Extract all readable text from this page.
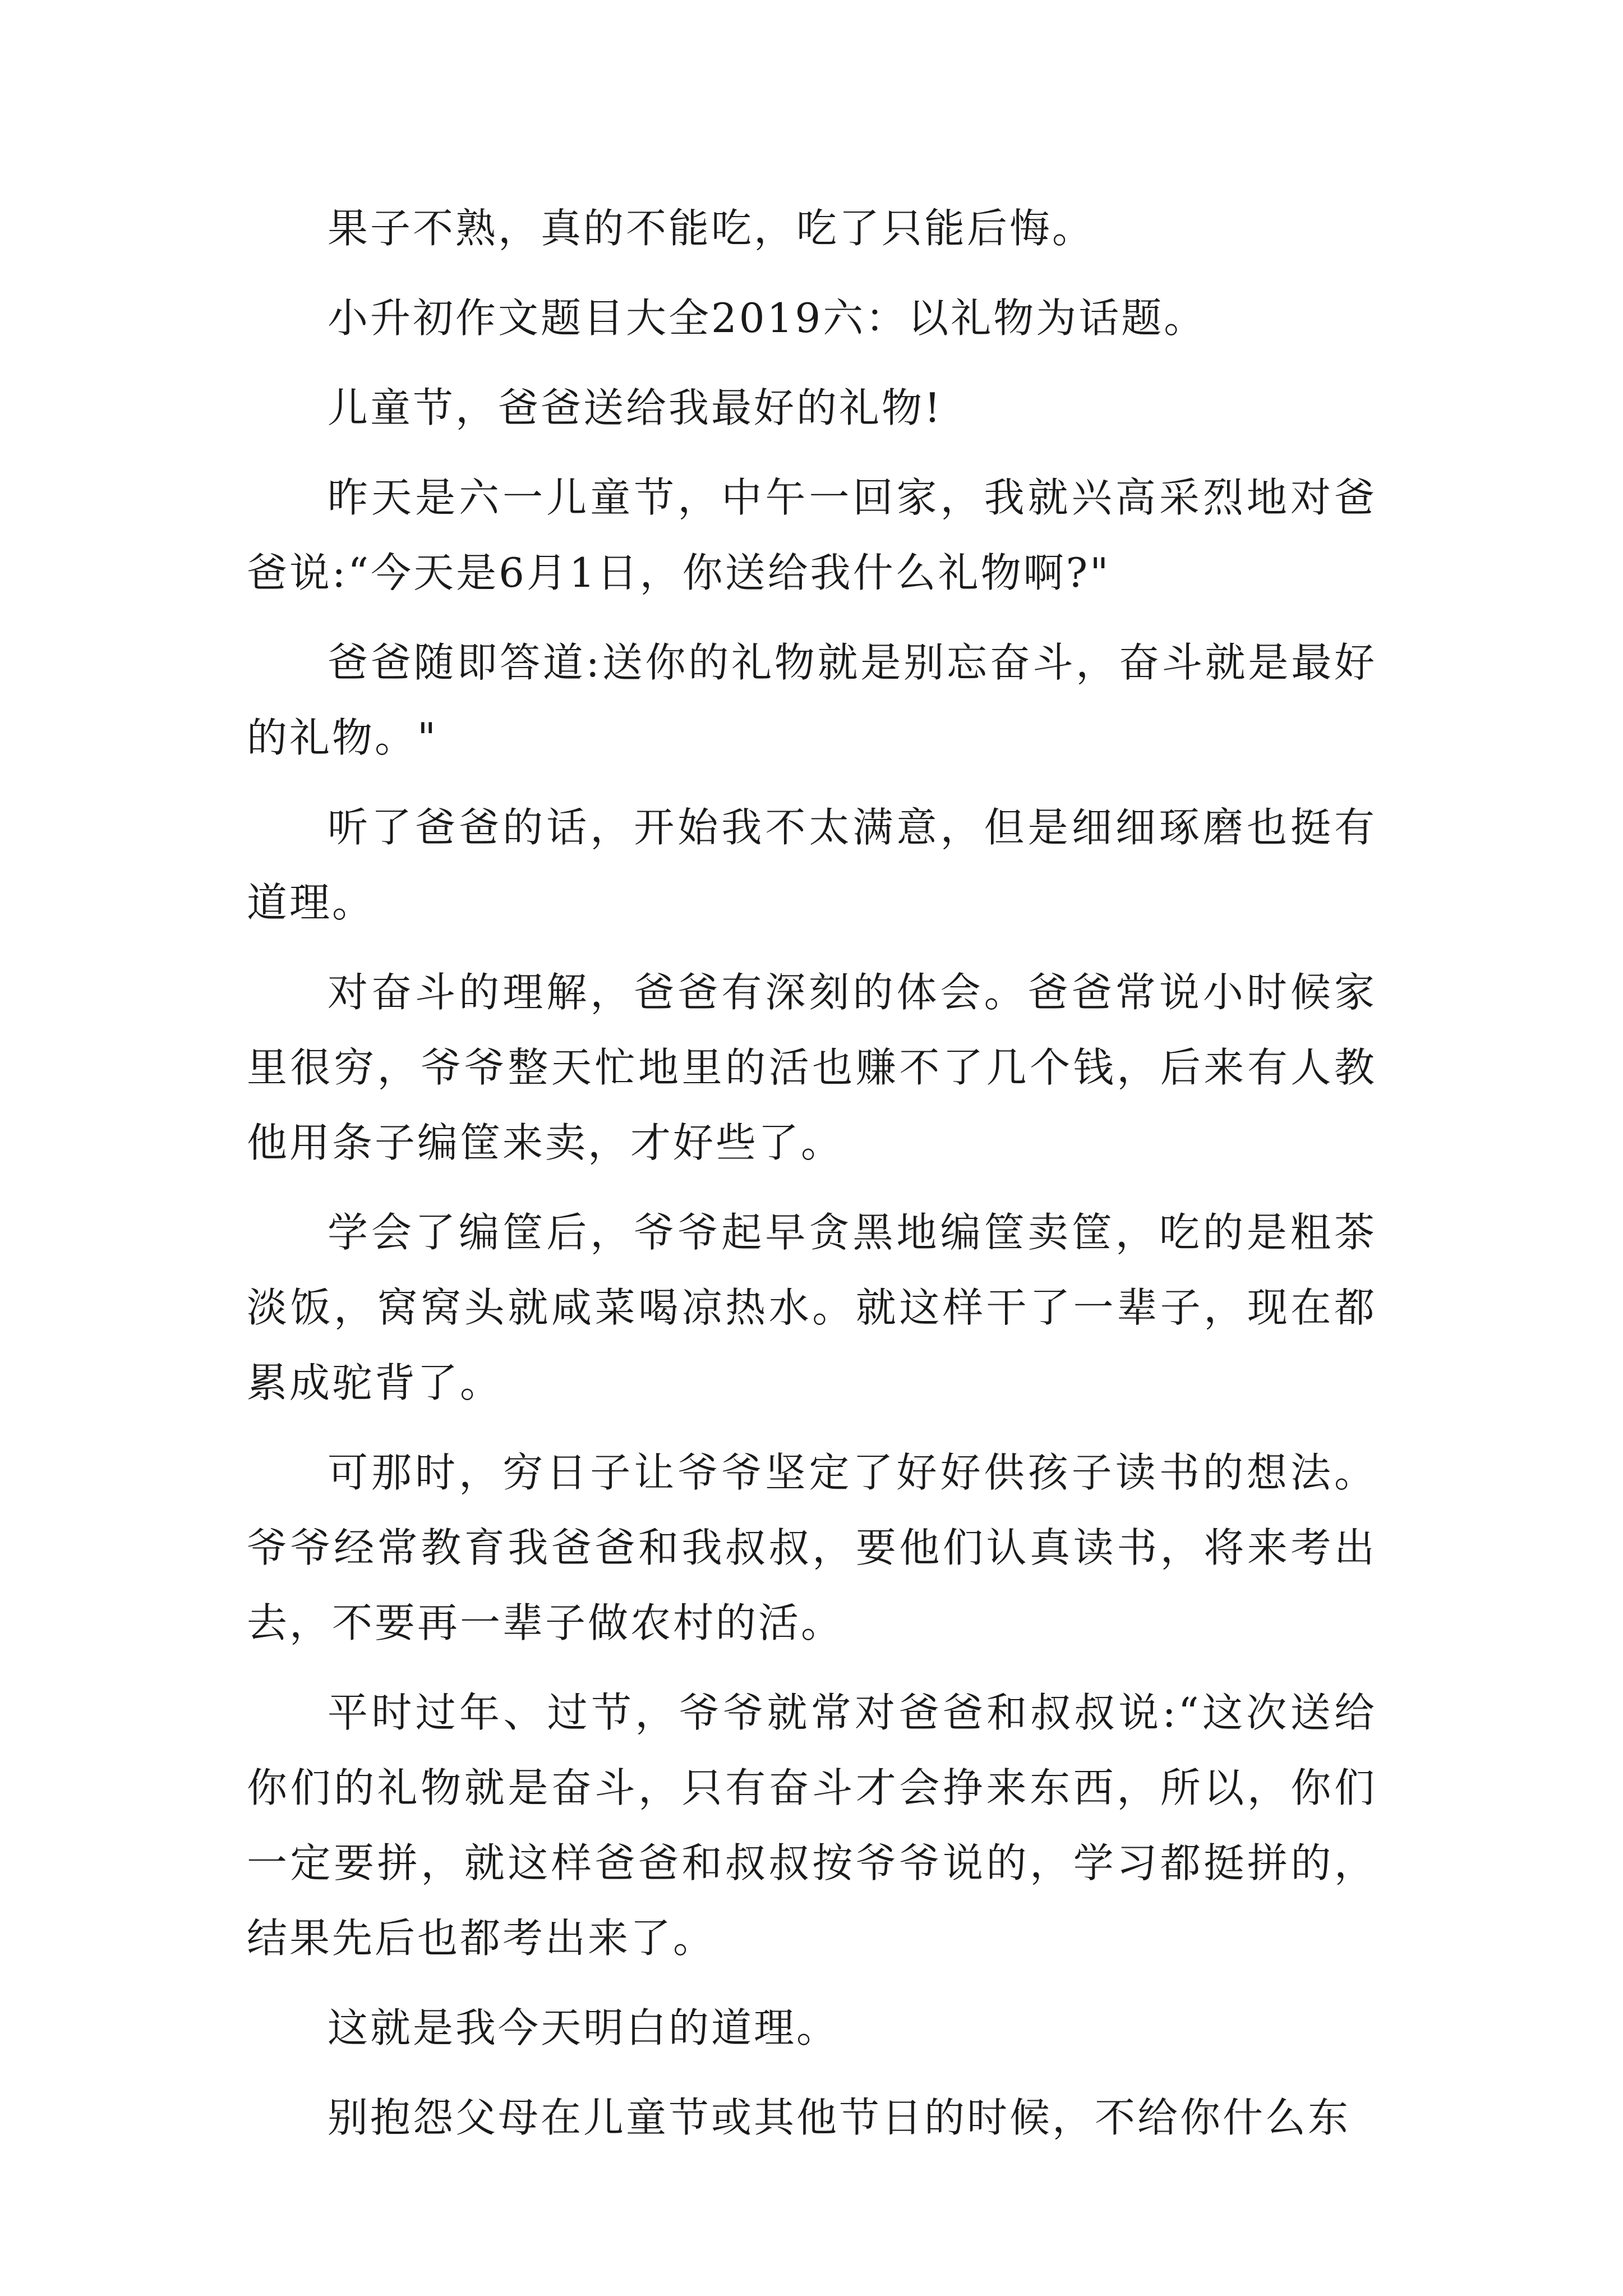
果子不熟，真的不能吃，吃了只能后悔。

小升初作文题目大全2019六：以礼物为话题。

儿童节，爸爸送给我最好的礼物!

昨天是六一儿童节，中午一回家，我就兴高采烈地对爸爸说:“今天是6月1日，你送给我什么礼物啊?"

爸爸随即答道:送你的礼物就是别忘奋斗，奋斗就是最好的礼物。"

听了爸爸的话，开始我不太满意，但是细细琢磨也挺有道理。

对奋斗的理解，爸爸有深刻的体会。爸爸常说小时候家里很穷，爷爷整天忙地里的活也赚不了几个钱，后来有人教他用条子编筐来卖，才好些了。

学会了编筐后，爷爷起早贪黑地编筐卖筐，吃的是粗茶淡饭，窝窝头就咸菜喝凉热水。就这样干了一辈子，现在都累成驼背了。

可那时，穷日子让爷爷坚定了好好供孩子读书的想法。爷爷经常教育我爸爸和我叔叔，要他们认真读书，将来考出去，不要再一辈子做农村的活。

平时过年、过节，爷爷就常对爸爸和叔叔说:“这次送给你们的礼物就是奋斗，只有奋斗才会挣来东西，所以，你们一定要拼，就这样爸爸和叔叔按爷爷说的，学习都挺拼的，结果先后也都考出来了。

这就是我今天明白的道理。

别抱怨父母在儿童节或其他节日的时候，不给你什么东
